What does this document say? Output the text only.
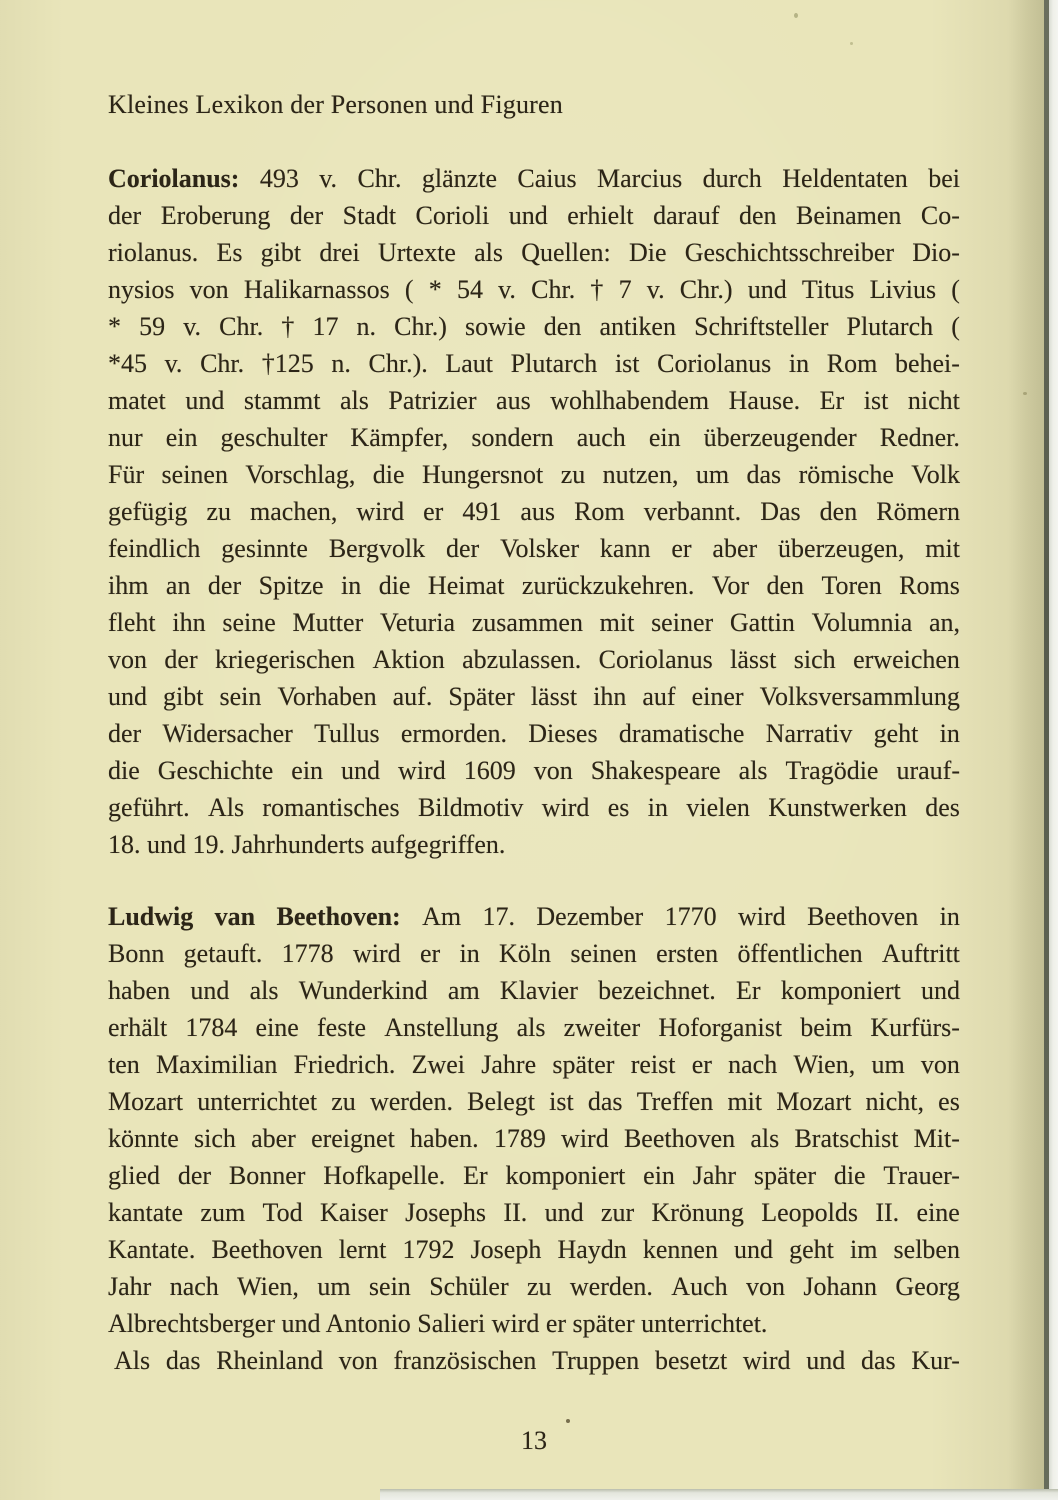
Kleines Lexikon der Personen und Figuren
Coriolanus: 493 v. Chr. glänzte Caius Marcius durch Heldentaten bei
der Eroberung der Stadt Corioli und erhielt darauf den Beinamen Co-
riolanus. Es gibt drei Urtexte als Quellen: Die Geschichtsschreiber Dio-
nysios von Halikarnassos ( * 54 v. Chr. † 7 v. Chr.) und Titus Livius (
* 59 v. Chr. † 17 n. Chr.) sowie den antiken Schriftsteller Plutarch (
*45 v. Chr. †125 n. Chr.). Laut Plutarch ist Coriolanus in Rom behei-
matet und stammt als Patrizier aus wohlhabendem Hause. Er ist nicht
nur ein geschulter Kämpfer, sondern auch ein überzeugender Redner.
Für seinen Vorschlag, die Hungersnot zu nutzen, um das römische Volk
gefügig zu machen, wird er 491 aus Rom verbannt. Das den Römern
feindlich gesinnte Bergvolk der Volsker kann er aber überzeugen, mit
ihm an der Spitze in die Heimat zurückzukehren. Vor den Toren Roms
fleht ihn seine Mutter Veturia zusammen mit seiner Gattin Volumnia an,
von der kriegerischen Aktion abzulassen. Coriolanus lässt sich erweichen
und gibt sein Vorhaben auf. Später lässt ihn auf einer Volksversammlung
der Widersacher Tullus ermorden. Dieses dramatische Narrativ geht in
die Geschichte ein und wird 1609 von Shakespeare als Tragödie urauf-
geführt. Als romantisches Bildmotiv wird es in vielen Kunstwerken des
18. und 19. Jahrhunderts aufgegriffen.
Ludwig van Beethoven: Am 17. Dezember 1770 wird Beethoven in
Bonn getauft. 1778 wird er in Köln seinen ersten öffentlichen Auftritt
haben und als Wunderkind am Klavier bezeichnet. Er komponiert und
erhält 1784 eine feste Anstellung als zweiter Hoforganist beim Kurfürs-
ten Maximilian Friedrich. Zwei Jahre später reist er nach Wien, um von
Mozart unterrichtet zu werden. Belegt ist das Treffen mit Mozart nicht, es
könnte sich aber ereignet haben. 1789 wird Beethoven als Bratschist Mit-
glied der Bonner Hofkapelle. Er komponiert ein Jahr später die Trauer-
kantate zum Tod Kaiser Josephs II. und zur Krönung Leopolds II. eine
Kantate. Beethoven lernt 1792 Joseph Haydn kennen und geht im selben
Jahr nach Wien, um sein Schüler zu werden. Auch von Johann Georg
Albrechtsberger und Antonio Salieri wird er später unterrichtet.
Als das Rheinland von französischen Truppen besetzt wird und das Kur-
13
